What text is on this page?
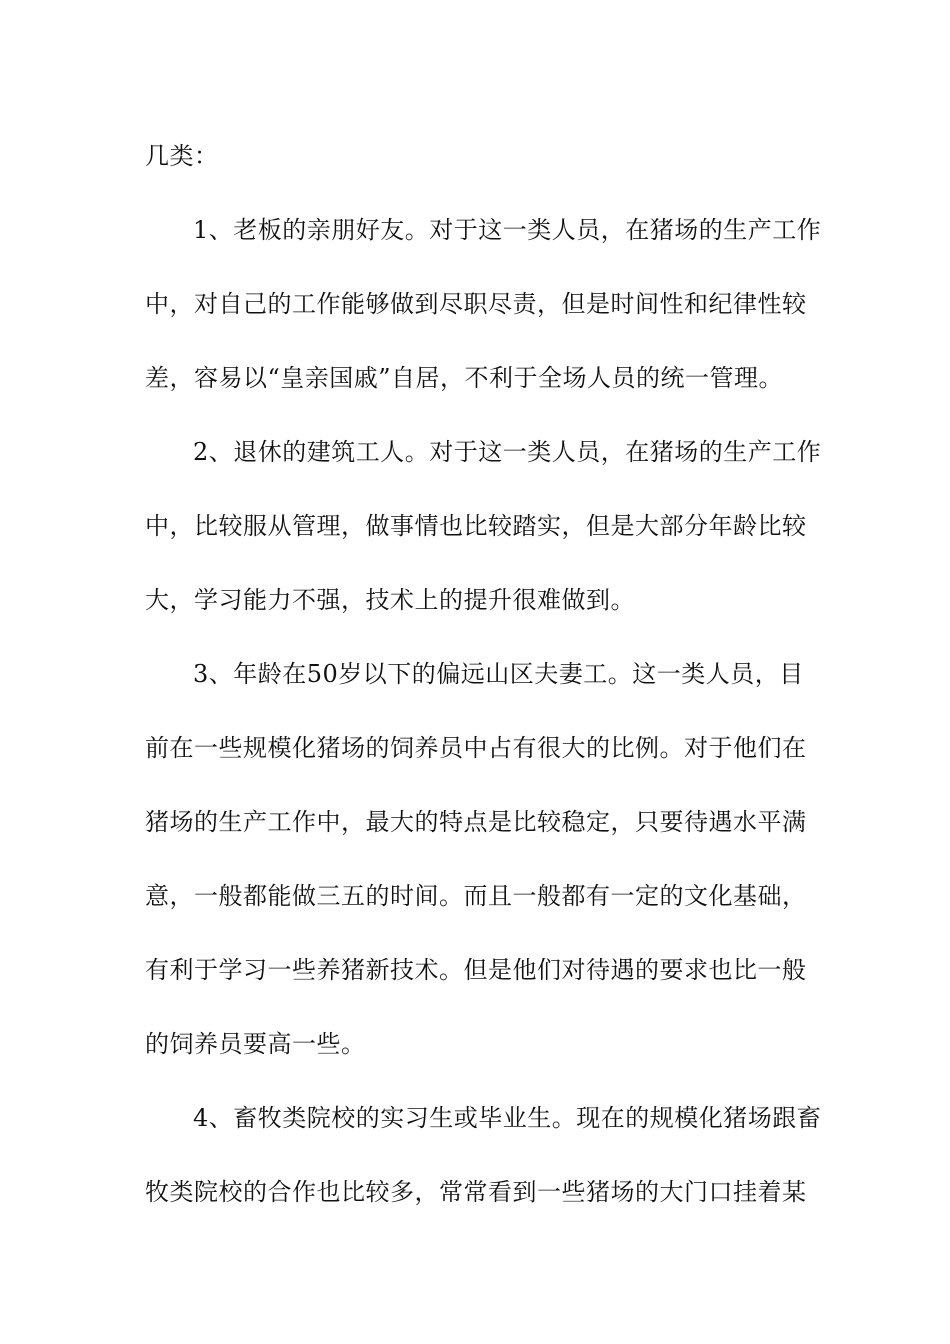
几类：
1、老板的亲朋好友。对于这一类人员，在猪场的生产工作
中，对自己的工作能够做到尽职尽责，但是时间性和纪律性较
差，容易以“皇亲国戚”自居，不利于全场人员的统一管理。
2、退休的建筑工人。对于这一类人员，在猪场的生产工作
中，比较服从管理，做事情也比较踏实，但是大部分年龄比较
大，学习能力不强，技术上的提升很难做到。
3、年龄在50岁以下的偏远山区夫妻工。这一类人员，目
前在一些规模化猪场的饲养员中占有很大的比例。对于他们在
猪场的生产工作中，最大的特点是比较稳定，只要待遇水平满
意，一般都能做三五的时间。而且一般都有一定的文化基础，
有利于学习一些养猪新技术。但是他们对待遇的要求也比一般
的饲养员要高一些。
4、畜牧类院校的实习生或毕业生。现在的规模化猪场跟畜
牧类院校的合作也比较多，常常看到一些猪场的大门口挂着某
